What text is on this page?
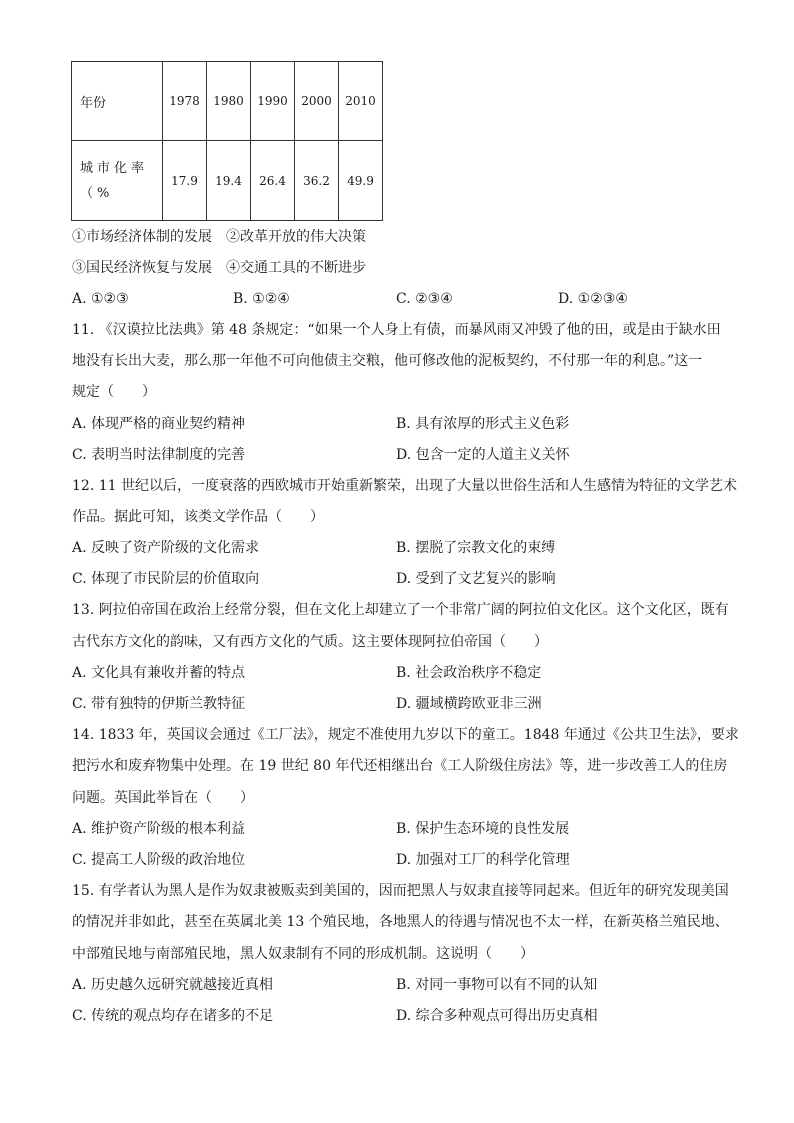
年份	1978	1980	1990	2000	2010

城市化率
（%	17.9	19.4	26.4	36.2	49.9
①市场经济体制的发展　②改革开放的伟大决策
③国民经济恢复与发展　④交通工具的不断进步
A. ①②③	B. ①②④	C. ②③④	D. ①②③④
11. 《汉谟拉比法典》第 48 条规定：“如果一个人身上有债，而暴风雨又冲毁了他的田，或是由于缺水田
地没有长出大麦，那么那一年他不可向他债主交粮，他可修改他的泥板契约，不付那一年的利息。”这一
规定（　　）
A. 体现严格的商业契约精神	B. 具有浓厚的形式主义色彩
C. 表明当时法律制度的完善	D. 包含一定的人道主义关怀
12. 11 世纪以后，一度衰落的西欧城市开始重新繁荣，出现了大量以世俗生活和人生感情为特征的文学艺术
作品。据此可知，该类文学作品（　　）
A. 反映了资产阶级的文化需求	B. 摆脱了宗教文化的束缚
C. 体现了市民阶层的价值取向	D. 受到了文艺复兴的影响
13. 阿拉伯帝国在政治上经常分裂，但在文化上却建立了一个非常广阔的阿拉伯文化区。这个文化区，既有
古代东方文化的韵味，又有西方文化的气质。这主要体现阿拉伯帝国（　　）
A. 文化具有兼收并蓄的特点	B. 社会政治秩序不稳定
C. 带有独特的伊斯兰教特征	D. 疆域横跨欧亚非三洲
14. 1833 年，英国议会通过《工厂法》，规定不准使用九岁以下的童工。1848 年通过《公共卫生法》，要求
把污水和废弃物集中处理。在 19 世纪 80 年代还相继出台《工人阶级住房法》等，进一步改善工人的住房
问题。英国此举旨在（　　）
A. 维护资产阶级的根本利益	B. 保护生态环境的良性发展
C. 提高工人阶级的政治地位	D. 加强对工厂的科学化管理
15. 有学者认为黑人是作为奴隶被贩卖到美国的，因而把黑人与奴隶直接等同起来。但近年的研究发现美国
的情况并非如此，甚至在英属北美 13 个殖民地，各地黑人的待遇与情况也不太一样，在新英格兰殖民地、
中部殖民地与南部殖民地，黑人奴隶制有不同的形成机制。这说明（　　）
A. 历史越久远研究就越接近真相	B. 对同一事物可以有不同的认知
C. 传统的观点均存在诸多的不足	D. 综合多种观点可得出历史真相
